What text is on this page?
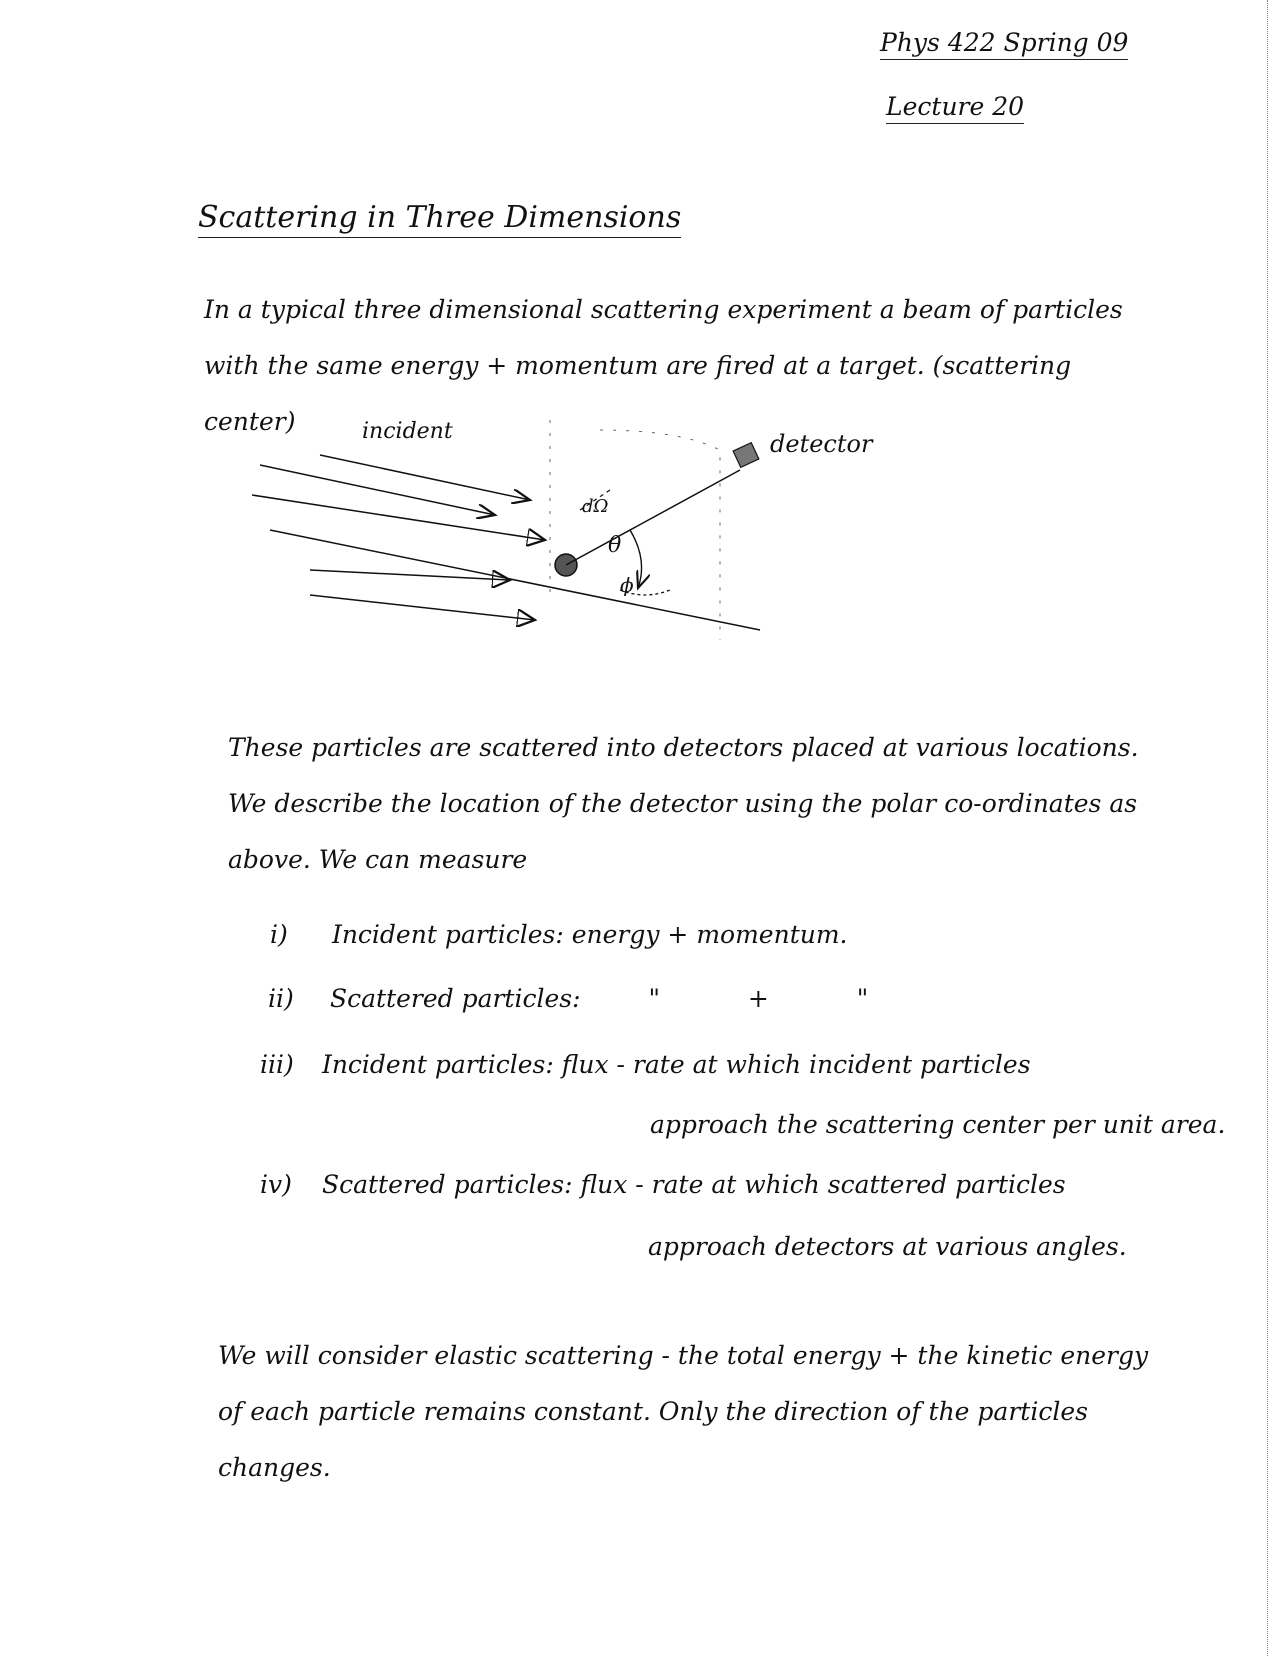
Phys 422 Spring 09
Lecture 20
Scattering in Three Dimensions
In a typical three dimensional scattering experiment a beam of particles with the same energy + momentum are fired at a target. (scattering center)	incident	detector
θ
ϕ
dΩ
These particles are scattered into detectors placed at various locations. We describe the location of the detector using the polar co-ordinates as above. We can measure
i) Incident particles: energy + momentum.
ii) Scattered particles:	" + "
iii) Incident particles: flux - rate at which incident particles
approach the scattering center per unit area.
iv) Scattered particles: flux - rate at which scattered particles
approach detectors at various angles.
We will consider elastic scattering - the total energy + the kinetic energy of each particle remains constant. Only the direction of the particles changes.
